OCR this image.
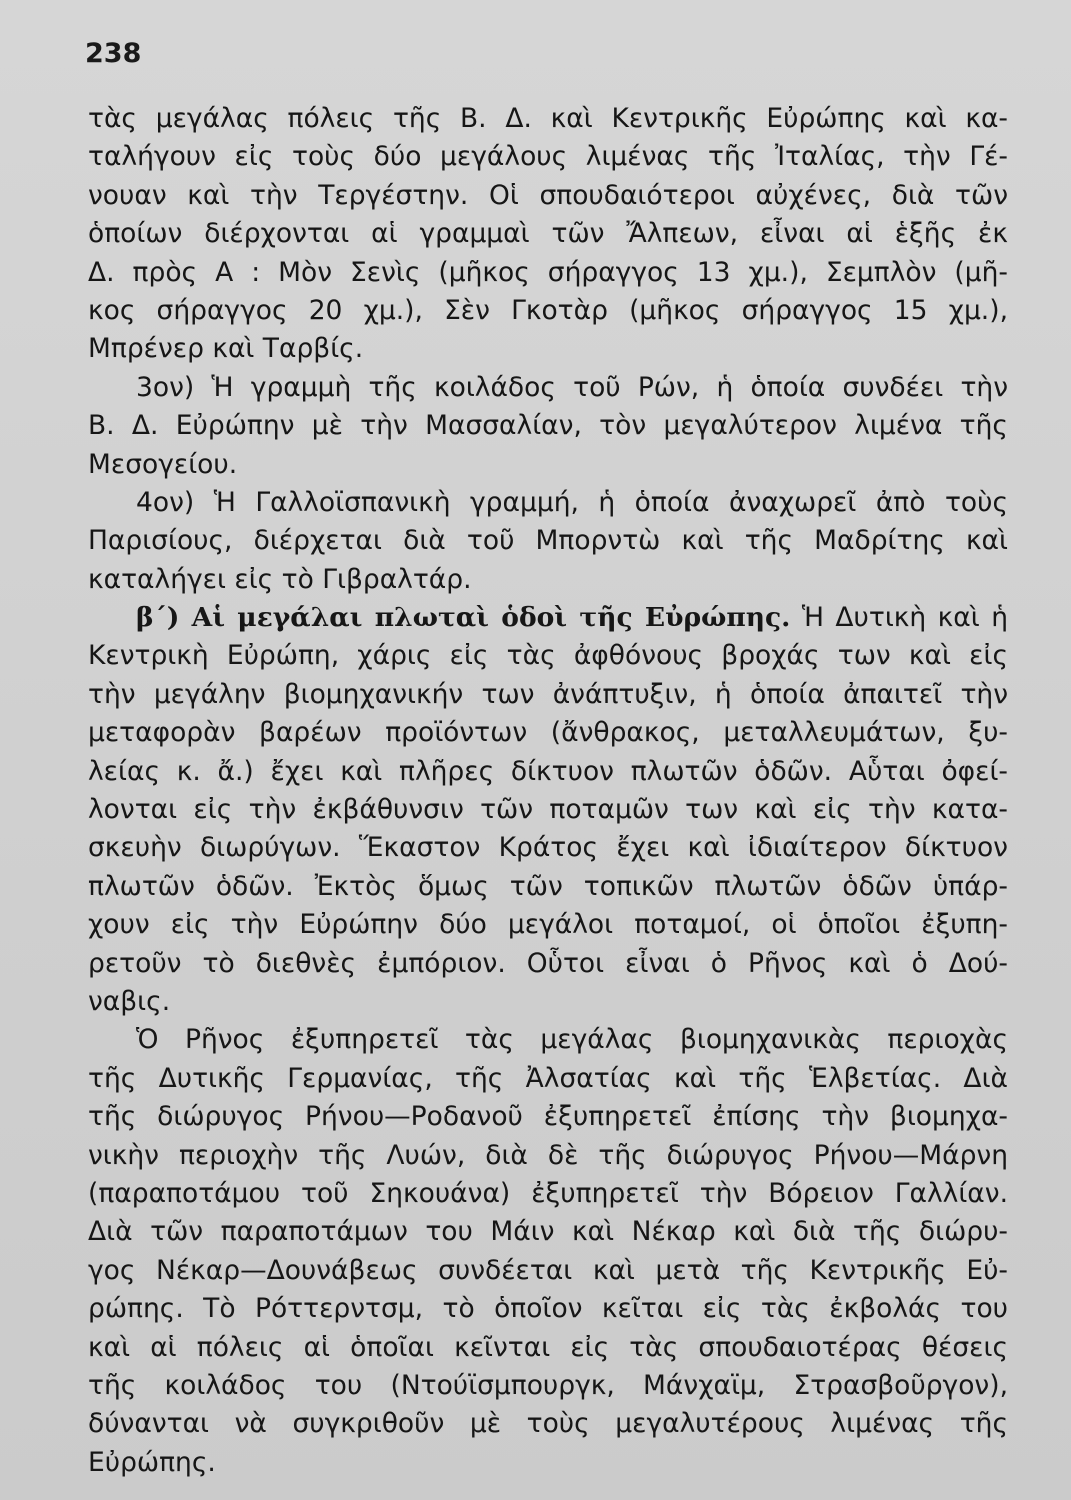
238
τὰς μεγάλας πόλεις τῆς Β. Δ. καὶ Κεντρικῆς Εὐρώπης καὶ κα-
ταλήγουν εἰς τοὺς δύο μεγάλους λιμένας τῆς Ἰταλίας, τὴν Γέ-
νουαν καὶ τὴν Τεργέστην. Οἱ σπουδαιότεροι αὐχένες, διὰ τῶν
ὁποίων διέρχονται αἱ γραμμαὶ τῶν Ἄλπεων, εἶναι αἱ ἑξῆς ἐκ
Δ. πρὸς Α : Μὸν Σενὶς (μῆκος σήραγγος 13 χμ.), Σεμπλὸν (μῆ-
κος σήραγγος 20 χμ.), Σὲν Γκοτὰρ (μῆκος σήραγγος 15 χμ.),
Μπρένερ καὶ Ταρβίς.
3ον) Ἡ γραμμὴ τῆς κοιλάδος τοῦ Ρών, ἡ ὁποία συνδέει τὴν
Β. Δ. Εὐρώπην μὲ τὴν Μασσαλίαν, τὸν μεγαλύτερον λιμένα τῆς
Μεσογείου.
4ον) Ἡ Γαλλοϊσπανικὴ γραμμή, ἡ ὁποία ἀναχωρεῖ ἀπὸ τοὺς
Παρισίους, διέρχεται διὰ τοῦ Μπορντὼ καὶ τῆς Μαδρίτης καὶ
καταλήγει εἰς τὸ Γιβραλτάρ.
β΄) Αἱ μεγάλαι πλωταὶ ὁδοὶ τῆς Εὐρώπης. Ἡ Δυτικὴ καὶ ἡ
Κεντρικὴ Εὐρώπη, χάρις εἰς τὰς ἀφθόνους βροχάς των καὶ εἰς
τὴν μεγάλην βιομηχανικήν των ἀνάπτυξιν, ἡ ὁποία ἀπαιτεῖ τὴν
μεταφορὰν βαρέων προϊόντων (ἄνθρακος, μεταλλευμάτων, ξυ-
λείας κ. ἄ.) ἔχει καὶ πλῆρες δίκτυον πλωτῶν ὁδῶν. Αὗται ὀφεί-
λονται εἰς τὴν ἐκβάθυνσιν τῶν ποταμῶν των καὶ εἰς τὴν κατα-
σκευὴν διωρύγων. Ἕκαστον Κράτος ἔχει καὶ ἰδιαίτερον δίκτυον
πλωτῶν ὁδῶν. Ἐκτὸς ὅμως τῶν τοπικῶν πλωτῶν ὁδῶν ὑπάρ-
χουν εἰς τὴν Εὐρώπην δύο μεγάλοι ποταμοί, οἱ ὁποῖοι ἐξυπη-
ρετοῦν τὸ διεθνὲς ἐμπόριον. Οὗτοι εἶναι ὁ Ρῆνος καὶ ὁ Δού-
ναβις.
Ὁ Ρῆνος ἐξυπηρετεῖ τὰς μεγάλας βιομηχανικὰς περιοχὰς
τῆς Δυτικῆς Γερμανίας, τῆς Ἀλσατίας καὶ τῆς Ἑλβετίας. Διὰ
τῆς διώρυγος Ρήνου—Ροδανοῦ ἐξυπηρετεῖ ἐπίσης τὴν βιομηχα-
νικὴν περιοχὴν τῆς Λυών, διὰ δὲ τῆς διώρυγος Ρήνου—Μάρνη
(παραποτάμου τοῦ Σηκουάνα) ἐξυπηρετεῖ τὴν Βόρειον Γαλλίαν.
Διὰ τῶν παραποτάμων του Μάιν καὶ Νέκαρ καὶ διὰ τῆς διώρυ-
γος Νέκαρ—Δουνάβεως συνδέεται καὶ μετὰ τῆς Κεντρικῆς Εὐ-
ρώπης. Τὸ Ρόττερντσμ, τὸ ὁποῖον κεῖται εἰς τὰς ἐκβολάς του
καὶ αἱ πόλεις αἱ ὁποῖαι κεῖνται εἰς τὰς σπουδαιοτέρας θέσεις
τῆς κοιλάδος του (Ντούϊσμπουργκ, Μάνχαϊμ, Στρασβοῦργον),
δύνανται νὰ συγκριθοῦν μὲ τοὺς μεγαλυτέρους λιμένας τῆς
Εὐρώπης.
